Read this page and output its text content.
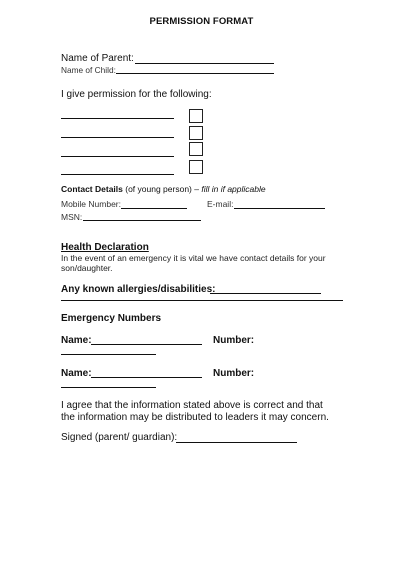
PERMISSION FORMAT
Name of Parent:
Name of Child:
I give permission for the following:
Contact Details (of young person) – fill in if applicable
Mobile Number:	E-mail:
MSN:
Health Declaration
In the event of an emergency it is vital we have contact details for your son/daughter.
Any known allergies/disabilities:
Emergency Numbers
Name:	Number:
Name:	Number:
I agree that the information stated above is correct and that the information may be distributed to leaders it may concern.
Signed (parent/ guardian):
